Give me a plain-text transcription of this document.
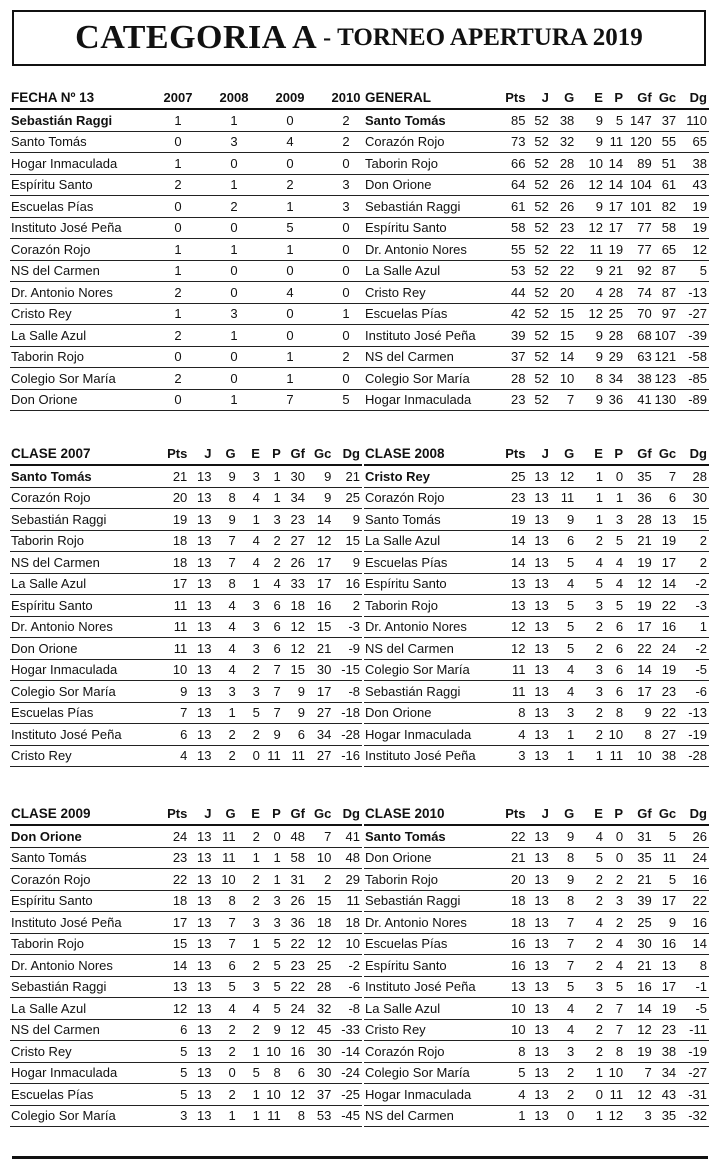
CATEGORIA A - TORNEO APERTURA 2019
FECHA Nº 13	2007	2008	2009	2010
Sebastián Raggi	1	1	0	2
Santo Tomás	0	3	4	2
Hogar Inmaculada	1	0	0	0
Espíritu Santo	2	1	2	3
Escuelas Pías	0	2	1	3
Instituto José Peña	0	0	5	0
Corazón Rojo	1	1	1	0
NS del Carmen	1	0	0	0
Dr. Antonio Nores	2	0	4	0
Cristo Rey	1	3	0	1
La Salle Azul	2	1	0	0
Taborin Rojo	0	0	1	2
Colegio Sor María	2	0	1	0
Don Orione	0	1	7	5
GENERAL	Pts	J	G	E	P	Gf	Gc	Dg
Santo Tomás	85	52	38	9	5	147	37	110
Corazón Rojo	73	52	32	9	11	120	55	65
Taborin Rojo	66	52	28	10	14	89	51	38
Don Orione	64	52	26	12	14	104	61	43
Sebastián Raggi	61	52	26	9	17	101	82	19
Espíritu Santo	58	52	23	12	17	77	58	19
Dr. Antonio Nores	55	52	22	11	19	77	65	12
La Salle Azul	53	52	22	9	21	92	87	5
Cristo Rey	44	52	20	4	28	74	87	-13
Escuelas Pías	42	52	15	12	25	70	97	-27
Instituto José Peña	39	52	15	9	28	68	107	-39
NS del Carmen	37	52	14	9	29	63	121	-58
Colegio Sor María	28	52	10	8	34	38	123	-85
Hogar Inmaculada	23	52	7	9	36	41	130	-89
CLASE 2007	Pts	J	G	E	P	Gf	Gc	Dg
Santo Tomás	21	13	9	3	1	30	9	21
Corazón Rojo	20	13	8	4	1	34	9	25
Sebastián Raggi	19	13	9	1	3	23	14	9
Taborin Rojo	18	13	7	4	2	27	12	15
NS del Carmen	18	13	7	4	2	26	17	9
La Salle Azul	17	13	8	1	4	33	17	16
Espíritu Santo	11	13	4	3	6	18	16	2
Dr. Antonio Nores	11	13	4	3	6	12	15	-3
Don Orione	11	13	4	3	6	12	21	-9
Hogar Inmaculada	10	13	4	2	7	15	30	-15
Colegio Sor María	9	13	3	3	7	9	17	-8
Escuelas Pías	7	13	1	5	7	9	27	-18
Instituto José Peña	6	13	2	2	9	6	34	-28
Cristo Rey	4	13	2	0	11	11	27	-16
CLASE 2008	Pts	J	G	E	P	Gf	Gc	Dg
Cristo Rey	25	13	12	1	0	35	7	28
Corazón Rojo	23	13	11	1	1	36	6	30
Santo Tomás	19	13	9	1	3	28	13	15
La Salle Azul	14	13	6	2	5	21	19	2
Escuelas Pías	14	13	5	4	4	19	17	2
Espíritu Santo	13	13	4	5	4	12	14	-2
Taborin Rojo	13	13	5	3	5	19	22	-3
Dr. Antonio Nores	12	13	5	2	6	17	16	1
NS del Carmen	12	13	5	2	6	22	24	-2
Colegio Sor María	11	13	4	3	6	14	19	-5
Sebastián Raggi	11	13	4	3	6	17	23	-6
Don Orione	8	13	3	2	8	9	22	-13
Hogar Inmaculada	4	13	1	2	10	8	27	-19
Instituto José Peña	3	13	1	1	11	10	38	-28
CLASE 2009	Pts	J	G	E	P	Gf	Gc	Dg
Don Orione	24	13	11	2	0	48	7	41
Santo Tomás	23	13	11	1	1	58	10	48
Corazón Rojo	22	13	10	2	1	31	2	29
Espíritu Santo	18	13	8	2	3	26	15	11
Instituto José Peña	17	13	7	3	3	36	18	18
Taborin Rojo	15	13	7	1	5	22	12	10
Dr. Antonio Nores	14	13	6	2	5	23	25	-2
Sebastián Raggi	13	13	5	3	5	22	28	-6
La Salle Azul	12	13	4	4	5	24	32	-8
NS del Carmen	6	13	2	2	9	12	45	-33
Cristo Rey	5	13	2	1	10	16	30	-14
Hogar Inmaculada	5	13	0	5	8	6	30	-24
Escuelas Pías	5	13	2	1	10	12	37	-25
Colegio Sor María	3	13	1	1	11	8	53	-45
CLASE 2010	Pts	J	G	E	P	Gf	Gc	Dg
Santo Tomás	22	13	9	4	0	31	5	26
Don Orione	21	13	8	5	0	35	11	24
Taborin Rojo	20	13	9	2	2	21	5	16
Sebastián Raggi	18	13	8	2	3	39	17	22
Dr. Antonio Nores	18	13	7	4	2	25	9	16
Escuelas Pías	16	13	7	2	4	30	16	14
Espíritu Santo	16	13	7	2	4	21	13	8
Instituto José Peña	13	13	5	3	5	16	17	-1
La Salle Azul	10	13	4	2	7	14	19	-5
Cristo Rey	10	13	4	2	7	12	23	-11
Corazón Rojo	8	13	3	2	8	19	38	-19
Colegio Sor María	5	13	2	1	10	7	34	-27
Hogar Inmaculada	4	13	2	0	11	12	43	-31
NS del Carmen	1	13	0	1	12	3	35	-32
